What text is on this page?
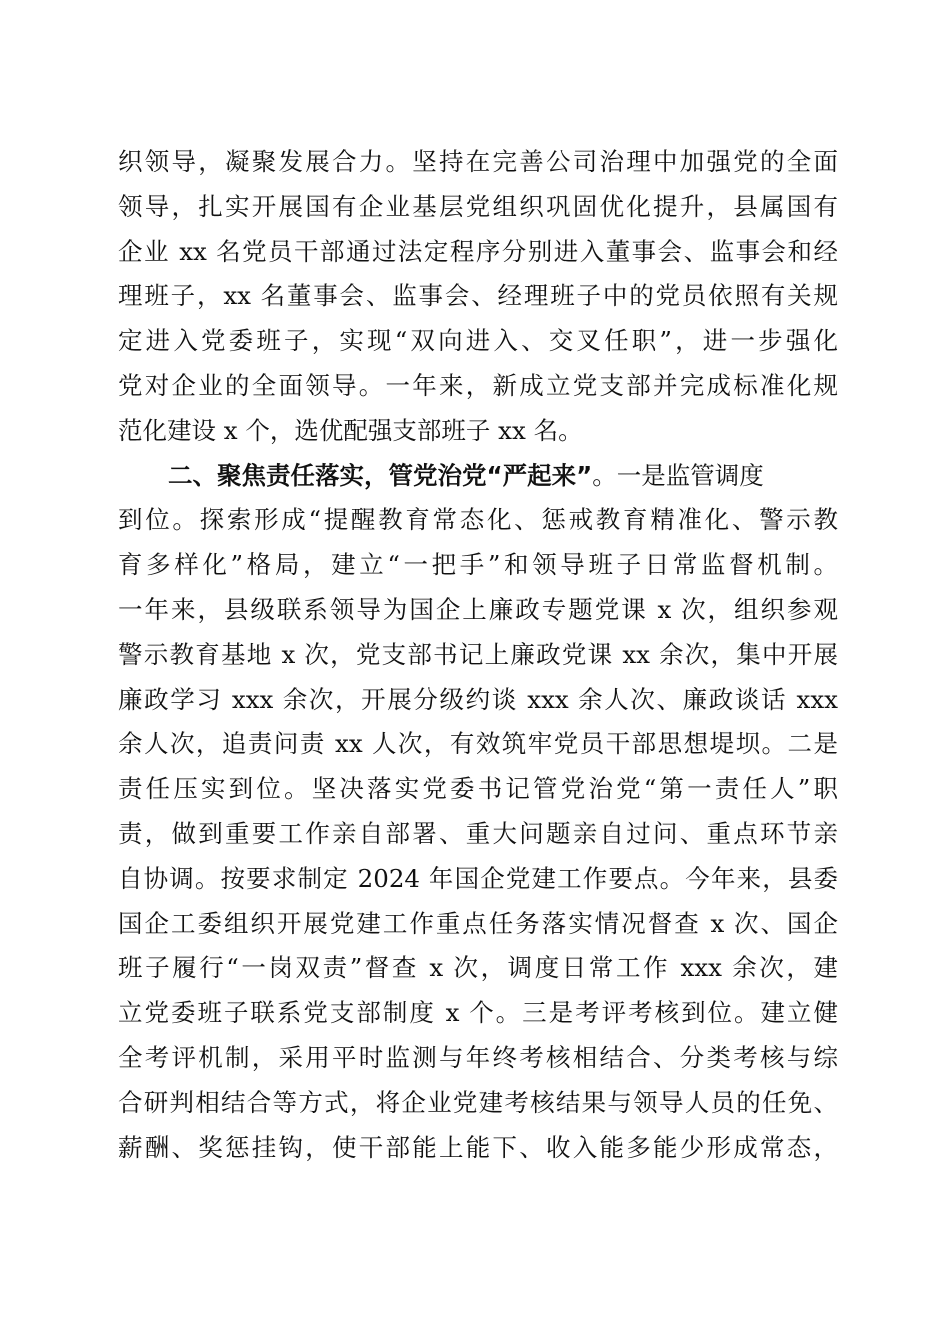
织领导，凝聚发展合力。坚持在完善公司治理中加强党的全面
领导，扎实开展国有企业基层党组织巩固优化提升，县属国有
企业 xx 名党员干部通过法定程序分别进入董事会、监事会和经
理班子，xx 名董事会、监事会、经理班子中的党员依照有关规
定进入党委班子，实现“双向进入、交叉任职”，进一步强化
党对企业的全面领导。一年来，新成立党支部并完成标准化规
范化建设 x 个，选优配强支部班子 xx 名。
二、聚焦责任落实，管党治党“严起来”。一是监管调度
到位。探索形成“提醒教育常态化、惩戒教育精准化、警示教
育多样化”格局，建立“一把手”和领导班子日常监督机制。
一年来，县级联系领导为国企上廉政专题党课 x 次，组织参观
警示教育基地 x 次，党支部书记上廉政党课 xx 余次，集中开展
廉政学习 xxx 余次，开展分级约谈 xxx 余人次、廉政谈话 xxx
余人次，追责问责 xx 人次，有效筑牢党员干部思想堤坝。二是
责任压实到位。坚决落实党委书记管党治党“第一责任人”职
责，做到重要工作亲自部署、重大问题亲自过问、重点环节亲
自协调。按要求制定 2024 年国企党建工作要点。今年来，县委
国企工委组织开展党建工作重点任务落实情况督查 x 次、国企
班子履行“一岗双责”督查 x 次，调度日常工作 xxx 余次，建
立党委班子联系党支部制度 x 个。三是考评考核到位。建立健
全考评机制，采用平时监测与年终考核相结合、分类考核与综
合研判相结合等方式，将企业党建考核结果与领导人员的任免、
薪酬、奖惩挂钩，使干部能上能下、收入能多能少形成常态，
